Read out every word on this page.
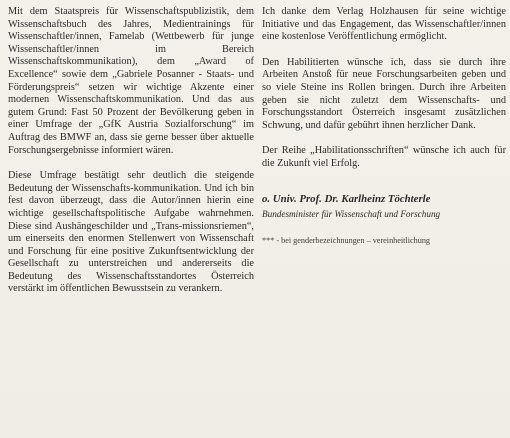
Mit dem Staatspreis für Wissenschaftspublizistik, dem Wissenschaftsbuch des Jahres, Medientrainings für Wissenschaftler/innen, Famelab (Wettbewerb für junge Wissenschaftler/innen im Bereich Wissenschaftskommunikation), dem „Award of Excellence“ sowie dem „Gabriele Posanner - Staats- und Förderungspreis“ setzen wir wichtige Akzente einer modernen Wissenschaftskommunikation. Und das aus gutem Grund: Fast 50 Prozent der Bevölkerung geben in einer Umfrage der „GfK Austria Sozialforschung“ im Auftrag des BMWF an, dass sie gerne besser über aktuelle Forschungsergebnisse informiert wären.

Diese Umfrage bestätigt sehr deutlich die steigende Bedeutung der Wissenschafts-kommunikation. Und ich bin fest davon überzeugt, dass die Autor/innen hierin eine wichtige gesellschaftspolitische Aufgabe wahrnehmen. Diese sind Aushängeschilder und „Trans-missionsriemen“, um einerseits den enormen Stellenwert von Wissenschaft und Forschung für eine positive Zukunftsentwicklung der Gesellschaft zu unterstreichen und andererseits die Bedeutung des Wissenschaftsstandortes Österreich verstärkt im öffentlichen Bewusstsein zu verankern.

Ich danke dem Verlag Holzhausen für seine wichtige Initiative und das Engagement, das Wissenschaftler/innen eine kostenlose Veröffentlichung ermöglicht.

Den Habilitierten wünsche ich, dass sie durch ihre Arbeiten Anstoß für neue Forschungsarbeiten geben und so viele Steine ins Rollen bringen. Durch ihre Arbeiten geben sie nicht zuletzt dem Wissenschafts- und Forschungsstandort Österreich insgesamt zusätzlichen Schwung, und dafür gebührt ihnen herzlicher Dank.

Der Reihe „Habilitationsschriften“ wünsche ich auch für die Zukunft viel Erfolg.

o. Univ. Prof. Dr. Karlheinz Töchterle

Bundesminister für Wissenschaft und Forschung

*** - bei genderbezeichnungen – vereinheitlichung
